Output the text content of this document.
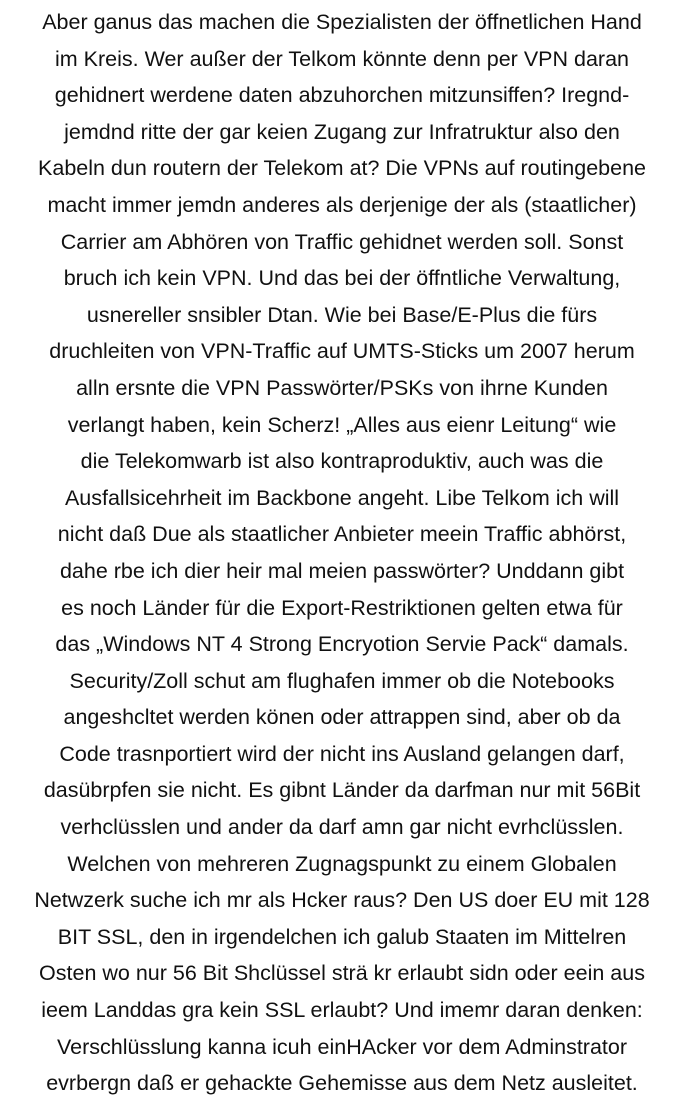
Aber ganus das machen die Spezialisten der öffnetlichen Hand
im Kreis. Wer außer der Telkom könnte denn per VPN daran
gehidnert werdene daten abzuhorchen mitzunsiffen? Iregnd-
jemdnd ritte der gar keien Zugang zur Infratruktur also den
Kabeln dun routern der Telekom at? Die VPNs auf routingebene
macht immer jemdn anderes als derjenige der als (staatlicher)
Carrier am Abhören von Traffic gehidnet werden soll. Sonst
bruch ich kein VPN. Und das bei der öffntliche Verwaltung,
usnereller snsibler Dtan. Wie bei Base/E-Plus die fürs
druchleiten von VPN-Traffic auf UMTS-Sticks um 2007 herum
alln ersnte die VPN Passwörter/PSKs von ihrne Kunden
verlangt haben, kein Scherz! „Alles aus eienr Leitung“ wie
die Telekomwarb ist also kontraproduktiv, auch was die
Ausfallsicehrheit im Backbone angeht. Libe Telkom ich will
nicht daß Due als staatlicher Anbieter meein Traffic abhörst,
dahe rbe ich dier heir mal meien passwörter? Unddann gibt
es noch Länder für die Export-Restriktionen gelten etwa für
das „Windows NT 4 Strong Encryotion Servie Pack“ damals.
Security/Zoll schut am flughafen immer ob die Notebooks
angeshcltet werden könen oder attrappen sind, aber ob da
Code trasnportiert wird der nicht ins Ausland gelangen darf,
dasübrpfen sie nicht. Es gibnt Länder da darfman nur mit 56Bit
verhclüsslen und ander da darf amn gar nicht evrhclüsslen.
Welchen von mehreren Zugnagspunkt zu einem Globalen
Netwzerk suche ich mr als Hcker raus? Den US doer EU mit 128
BIT SSL, den in irgendelchen ich galub Staaten im Mittelren
Osten wo nur 56 Bit Shclüssel strä kr erlaubt sidn oder eein aus
ieem Landdas gra kein SSL erlaubt? Und imemr daran denken:
Verschlüsslung kanna icuh einHAcker vor dem Adminstrator
evrbergn daß er gehackte Gehemisse aus dem Netz ausleitet.
